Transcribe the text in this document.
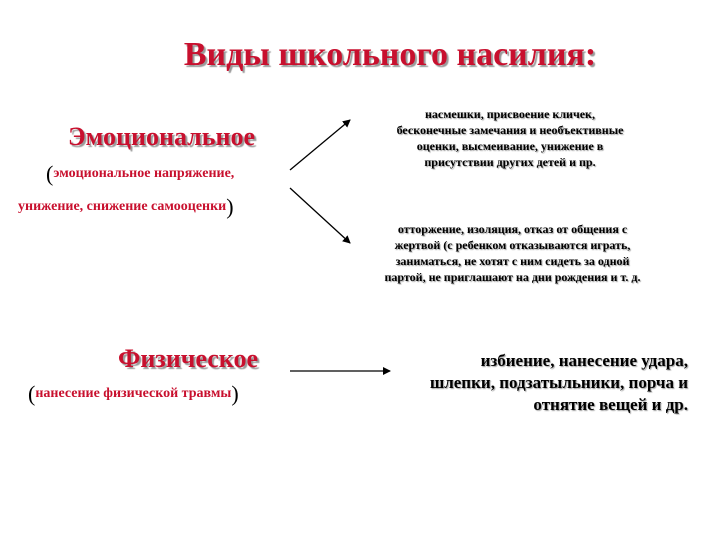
Виды школьного насилия:
Эмоциональное
(эмоциональное напряжение,
унижение, снижение самооценки)
Физическое
(нанесение физической травмы)
насмешки, присвоение кличек,
бесконечные замечания и необъективные
оценки, высмеивание, унижение в
присутствии других детей и пр.
отторжение, изоляция, отказ от общения с
жертвой (с ребенком отказываются играть,
заниматься, не хотят с ним сидеть за одной
партой, не приглашают на дни рождения и т. д.
избиение, нанесение удара,
шлепки, подзатыльники, порча и
отнятие вещей и др.
